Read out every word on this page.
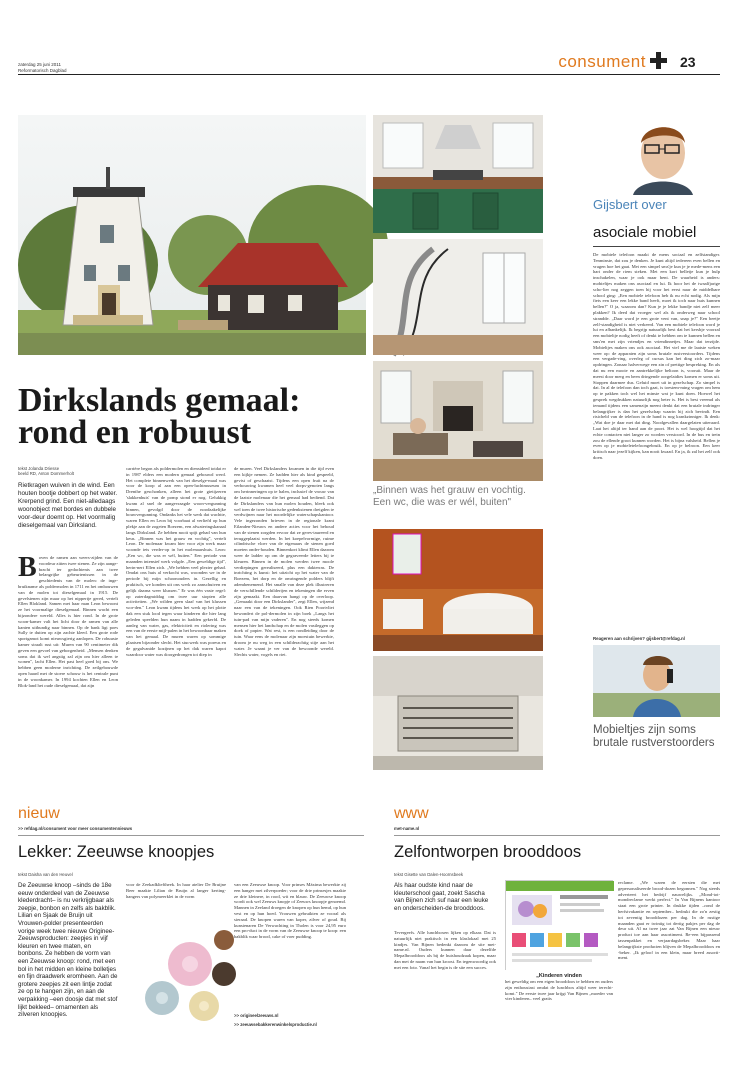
zaterdag 25 juni 2011
Reformatorisch Dagblad	consument 23
„Binnen was het grauw en vochtig. Een wc, die was er wél, buiten"
Dirkslands gemaal:
rond en robuust
tekst Jolanda Driesse
beeld RD, Anton Dommerholt
Rietkragen wuiven in de wind. Een houten bootje dobbert op het water. Krerpend grind. Een niet-alledaags woonobject met bordes en dubbele voor-deur doemt op. Het voormalig dieselgemaal van Dirksland.
B oven de ramen aan weers-zijden van de voordeur zitten twee stenen. Ze zijn aange-bracht ter gedachtenis aan twee belangrijke gebeurtenissen in de geschiedenis van de molen: de inge-bruikname als poldermolen in 1711 en het ombouwen van de molen tot dieselgemaal in 1915. De gevelstenen zijn maar op het nippertje gered, vertelt Ellen Blokland. Samen met haar man Leon bewoont ze het voormalige dieselgemaal. Binnen wacht een bijzondere wereld. Alles is hier rond. In de grote woon-kamer valt het licht door de ramen van alle kanten uitbundig naar binnen. Op de bank ligt poes Sully te dutten op zijn zachte kleed. Een grote rode sportgamot komt nieuwsgierig aanlopen. De robuuste kamer straalt rust uit: Muren van 90 centimeter dik geven een gevoel van geborgenheid. „Mensen denken soms dat ik wel angstig zal zijn om hier alleen te wonen", lacht Ellen. Het past heel goed bij ons. We hebben geen moderne inrichting. De zeilgebouwde open haard met de stoere schouw is het centrale punt in de woonkamer. In 1994 kochten Ellen en Leon Blok-land het oude dieselgemaal, dat zijn
carrière begon als poldermolen en dienstdeed totdat er in 1987 elders een modern gemaal gebouwd werd. Het complete binnenwerk van het dieselge-maal was voor de koop al aan een open-luchtmuseum in Drenthe geschonken, alleen het grote gietijzeren 'slakkenhuis' van de pomp stond er nog. Gelukkig kwam al snel de aangevraagde woon-vergunning binnen, gevolgd door de noodzakelijke bouwvergunning. Ondanks het vele werk dat wachtte, waren Ellen en Leon bij voorbaat al verliefd op hun plekje aan de zogeten Boezem, een afwateringskanaal langs Dirksland. Ze hebben nooit spijt gehad van hun keus. „Binnen was het grauw en vochtig", vertelt Leon. De molenaar kwam hier voor zijn werk maar woonde iets verder-op in het molenaarshuis. Leon: „Een wc, die was er wél, buiten." Een periode van maanden intensief werk volgde. „Een geweldige tijd", herin-nert Ellen zich. „We hebben veel plezier gehad. Omdat ons huis al verkocht was, woonden we in de periode bij mijn schoonouders in. Gezellig en praktisch, we konden uit ons werk zo aanschuiven en gelijk daarna weer klussen." Er was één vaste regel: op zaterdagmiddag om twee uur stopten alle activiteiten. „We wilden geen slaaf van het klussen wor-den." Leon kwam tijdens het werk op het plotte dak een stuk lood tegen waar kinderen die hier lang geleden speelden hun naam in hadden gekerfd. De aanleg van water, gas, elektriciteit en riolering was een van de eerste mijl-palen in het bewoonbaar maken van het gemaal. De muren waren op sommige plaatsen bijzonder slecht. Het stucwerk was poreus en de gegalvanide kozijnen op het dak waren kapot waardoor water was doorgedrongen tot diep in
de muren. Veel Dirkslanders kwamen in die tijd even een kijkje nemen. Ze hadden hier als kind gespeeld, gevist of geschaatst. Tijdens een open fruit na de verbouwing kwamen heel veel dorps-genoten langs om herinneringen op te halen, inclusief de vrouw van de laatste molenaar die het gemaal had bediend. Dat de Dirkslanders van hun molen houden, bleek ook wel toen de twee historische gedenkstenen dreigden te verdwijnen naar het noordelijke waterschapskantoor. Vele ingezonden brieven in de regionale krant Eilanden-Nieuws en andere acties voor het behoud van de stenen zorgden ervoor dat ze geres-taureerd en teruggeplaatst werden. In het koepelvormige, ruime cilindrische vloer van de eigenaars de stenen goed moeten onder-houden. Binnenkort klimt Ellen daarom weer de ladder op om de gegraveerde letters bij te kleuren. Binnen in de molen werden twee moole verdiepingen gerealiseerd, plus een dakterras. De inrichting is kunst: het uitzicht op het water van de Boezem, het dorp en de omringende polders blijft adembenemend. Het smalle van deze plek illustreren de verschillende schilderijen en tekeningen die erven zijn gemaakt. Een daarvan hangt op de overloop. „Gemaakt door een Dirkslander", zegt Ellen, wijzend naar een van de tekeningen. Ook Rien Poortvliet bewondert de pol-dermolen in zijn boek „Langs het tuin-pad van mijn vaderen". En nog steeds komen mensen hier het landschap en de molen vastleggen op doek of papier. Wat rest, is een rondleiding door de tuin. Waar eens de molenaar zijn moestuin bewerkte, droom je nu weg in een schilderachtig stije aan het water. Je waant je ver van de bewoonde wereld. Slechts water, vogels en riet.
Gijsbert over
asociale mobiel
De mobiele telefoon maakt de mens sociaal en zelfstandiger. Tenminste, dat zou je denken. Je kunt altijd iedereen even bellen en vragen hoe het gaat. Met een simpel sms'je kun je je mede-mens een hart onder de riem steken. Met een kort belletje kun je hulp inschakelen, waar je ook maar bent. De waarheid is anders: mobieltjes maken ons asociaal en lui. Ik hoor het de twaalfjarige scho-lier nog zeggen toen hij voor het eerst naar de middelbare school ging: „Een mobiele telefoon heb ik nu echt nodig. Als mijn fiets een keer een lekke band heeft, moet ik toch naar huis kunnen bellen?" O ja, waarom dan? Kun je je lekke bandje niet zelf meer plakken? Ik deed dat vroeger wel als ik onderweg naar school strandde. „Daar word je een grote vent van, snap je?" Een beetje zelf-standigheid is niet verkeerd. Van een mobiele telefoon word je lui en afhankelijk. Ik begrijp natuurlijk best dat het kersbje voorzal een mobieltje nodig heeft of denkt te hebben om te kunnen bellen en sms'en met zijn vriendjes en vriendinnetjes. Maar dat terzijde. Mobieltjes maken ons ook asociaal. Het viel me de laatste weken weer op: de apparaten zijn soms brutale rustverstoorders. Tijdens een vergade-ring, overleg of cursus kan het ding zich zo-maar opdringen. Zonaar halverwege een zin of prettige bespreking. En als dat nu een mooie en aantrekkelijke beltoon is, vooruit. Maar de meest door merg en been dringende oorgelaidies komen er soms uit. Stoppen daarmee dus. Geluid moet uit in gezelschap. Zo simpel is dat. In al de telefoon dan toch gaat, is toestem-ming vragen om hem op te pakken toch wel het minste wat je kunt doen. Hoewel het gesprek wegdrukken natuurlijk nog beter is. Het is best vreemd als iemand tijdens een samenzijn meent denkt dat een brutale indringer belangrijker is dan het gezelschap waarin hij zich bevindt. Een risicheld van de telefoon in de hand is nog krankzinniger. Ik denk: „Wat doe je daar met dat ding. Noodgevallen daargelaten uiteraard. Laat het altijd ter hand aan de poort. Het is wel hoogtijd dat het echte contacten niet langer zo worden verstoord. In de bus en trein zou de ellende groot kunnen worden. Het is bijna valsheid. Bellen je even op je mobieletelefoongebruik. En op je belroon. Een keer kritisch naar jezelf kijken, kan nooit kwaad. En ja, ik zal het zelf ook doen.
Reageren aan schrijven? gijsbert@refdag.nl
Mobieltjes zijn soms brutale rustverstoorders
nieuw
>> refdag.nl/consument voor meer consumentennieuws
Lekker: Zeeuwse knoopjes
tekst Daisha van den Heuvel
De Zeeuwse knoop –sinds de 18e eeuw onderdeel van de Zeeuwse klederdracht– is nu verkrijgbaar als zeepje, bonbon en zelfs als bakblik. Lilian en Sjaak de Bruijn uit Vrouwen-polder presenteerden vorige week twee nieuwe Originee-Zeeuwsproducten: zeepjes in vijf kleuren en twee maten, en bonbons. Ze hebben de vorm van een Zeeuwse knoop: rond, met een bol in het midden en kleine bolletjes en fijn draadwerk eromheen. Aan de grotere zeepjes zit een lintje zodat ze op te hangen zijn, en aan de verpakking –een doosje dat met stof lijkt bekleed– ornamenten als zilveren knoopjes.
voor de Zeekadklieftheek. In haar atelier De Bruijne Beer maakte Lilian de Bruijn al langer kerting-hangers van polymeerklei in de vorm
van een Zeeuwse knoop. Voor prinses Máxima bewerkte zij een hanger met zilverpoeder; voor de drie prinsesjes maakte ze drie kleinere, in rood, wit en blauw. De Zeeuwse knoop wordt ook wel Zeeuws knopje of Zeeuws knoopje genoemd. Mannen in Zeeland droegen de knopen op hun hemd, op hun vest en op hun hoed. Vrouwen gebruikten ze vooral als sieraad. De knopen waren van koper, zilver of goud. Bij kunstenaren De Verwachting in Tholen is voor 24,95 euro een pro-duct in de vorm van de Zeeuwse knoop te koop: een bakblik waar brood, cake of voer pudding.
>> origineelzeeuws.nl
>> zeeuwsebakkerenwinkelsproductie.nl
www
met-name.nl
Zelfontworpen brooddoos
tekst Gisette van Dalen-Hoornsbeek
Als haar oudste kind naar de kleuterschool gaat, zoekt Sascha van Bijnen zich suf naar een leuke en onderscheiden-de brooddoos.
Tevergeefs. Alle lunchboxen lijken op elkaar. Dat is natuurlijk niet praktisch in een klaslokaal met 25 kindjes. Van Bijnen bedenkt daarom de site met-name.nl. Ouders kunnen daar dezelfde Mepalbrooddoos als bij de huishoudzaak kopen, maar dan met de naam van hun kroost. En tegenwoordig ook met een foto. Vanaf het begin is de site een succes.
„Kinderen vinden
het geweldig om een eigen brooddoos te hebben en ouders zijn enthousiast omdat de lunchbox altijd weer terecht-komt." De eerste twee jaar krijgt Van Bijnen „moeder van vier kinderen– veel gratis
reclame. „We waren de eersten die met gepersonaliseerde brood-dozen begonnen." Nog steeds adverteert het bedrijf nauwelijks. „Mond-tot-mondreclame werkt perfect." In Van Bijnens kantoor staat een grote printer. In drukke tijden –rond de herfstvakantie en september– bedrukt die zo'n zestig tot zeventig brooddozen per dag. In de rustige maanden gaat er twintig tot dertig pakjes per dag de deur uit. Al na twee jaar zat Van Bijnen een nieuw product toe aan haar assortiment. Re-een bijpassend tassenpakket en verjaardagsbeker. Maar haar belangrijkste producten blijven de Mepalbrooddoos en -beker. „Ik geloof in een klein, maar breed assorti-ment.
